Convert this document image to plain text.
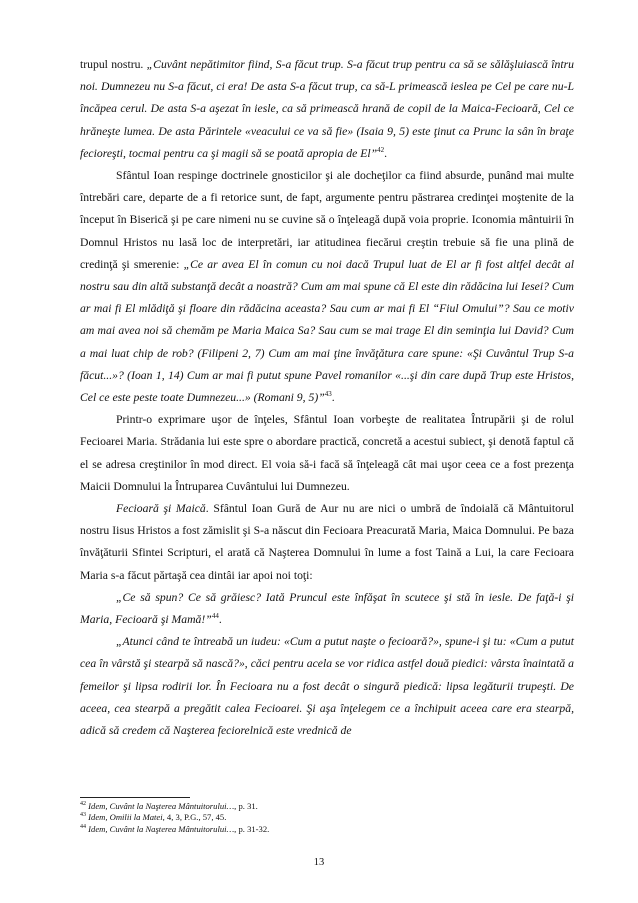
trupul nostru. „Cuvânt nepătimitor fiind, S-a făcut trup. S-a făcut trup pentru ca să se sălăşluiască întru noi. Dumnezeu nu S-a făcut, ci era! De asta S-a făcut trup, ca să-L primească ieslea pe Cel pe care nu-L încăpea cerul. De asta S-a aşezat în iesle, ca să primească hrană de copil de la Maica-Fecioară, Cel ce hrăneşte lumea. De asta Părintele «veacului ce va să fie» (Isaia 9, 5) este ţinut ca Prunc la sân în braţe fecioreşti, tocmai pentru ca şi magii să se poată apropia de El”$^{42}$.

Sfântul Ioan respinge doctrinele gnosticilor şi ale docheţilor ca fiind absurde, punând mai multe întrebări care, departe de a fi retorice sunt, de fapt, argumente pentru păstrarea credinţei moştenite de la început în Biserică şi pe care nimeni nu se cuvine să o înţeleagă după voia proprie. Iconomia mântuirii în Domnul Hristos nu lasă loc de interpretări, iar atitudinea fiecărui creştin trebuie să fie una plină de credinţă şi smerenie: „Ce ar avea El în comun cu noi dacă Trupul luat de El ar fi fost altfel decât al nostru sau din altă substanţă decât a noastră? Cum am mai spune că El este din rădăcina lui Iesei? Cum ar mai fi El mlădiţă şi floare din rădăcina aceasta? Sau cum ar mai fi El “Fiul Omului”? Sau ce motiv am mai avea noi să chemăm pe Maria Maica Sa? Sau cum se mai trage El din seminţia lui David? Cum a mai luat chip de rob? (Filipeni 2, 7) Cum am mai ţine învăţătura care spune: «Şi Cuvântul Trup S-a făcut...»? (Ioan 1, 14) Cum ar mai fi putut spune Pavel romanilor «...şi din care după Trup este Hristos, Cel ce este peste toate Dumnezeu...» (Romani 9, 5)”$^{43}$.

Printr-o exprimare uşor de înţeles, Sfântul Ioan vorbeşte de realitatea Întrupării şi de rolul Fecioarei Maria. Strădania lui este spre o abordare practică, concretă a acestui subiect, şi denotă faptul că el se adresa creştinilor în mod direct. El voia să-i facă să înţeleagă cât mai uşor ceea ce a fost prezenţa Maicii Domnului la Întruparea Cuvântului lui Dumnezeu.

Fecioară şi Maică. Sfântul Ioan Gură de Aur nu are nici o umbră de îndoială că Mântuitorul nostru Iisus Hristos a fost zămislit şi S-a născut din Fecioara Preacurată Maria, Maica Domnului. Pe baza învăţăturii Sfintei Scripturi, el arată că Naşterea Domnului în lume a fost Taină a Lui, la care Fecioara Maria s-a făcut părtaşă cea dintâi iar apoi noi toţi:

„Ce să spun? Ce să grăiesc? Iată Pruncul este înfăşat în scutece şi stă în iesle. De faţă-i şi Maria, Fecioară şi Mamă!”$^{44}$.

„Atunci când te întreabă un iudeu: «Cum a putut naşte o fecioară?», spune-i şi tu: «Cum a putut cea în vârstă şi stearpă să nască?», căci pentru acela se vor ridica astfel două piedici: vârsta înaintată a femeilor şi lipsa rodirii lor. În Fecioara nu a fost decât o singură piedică: lipsa legăturii trupeşti. De aceea, cea stearpă a pregătit calea Fecioarei. Şi aşa înţelegem ce a închipuit aceea care era stearpă, adică să credem că Naşterea feciorelnică este vrednică de

$^{42}$ Idem, Cuvânt la Naşterea Mântuitorului…, p. 31.
$^{43}$ Idem, Omilii la Matei, 4, 3, P.G., 57, 45.
$^{44}$ Idem, Cuvânt la Naşterea Mântuitorului…, p. 31-32.
13
